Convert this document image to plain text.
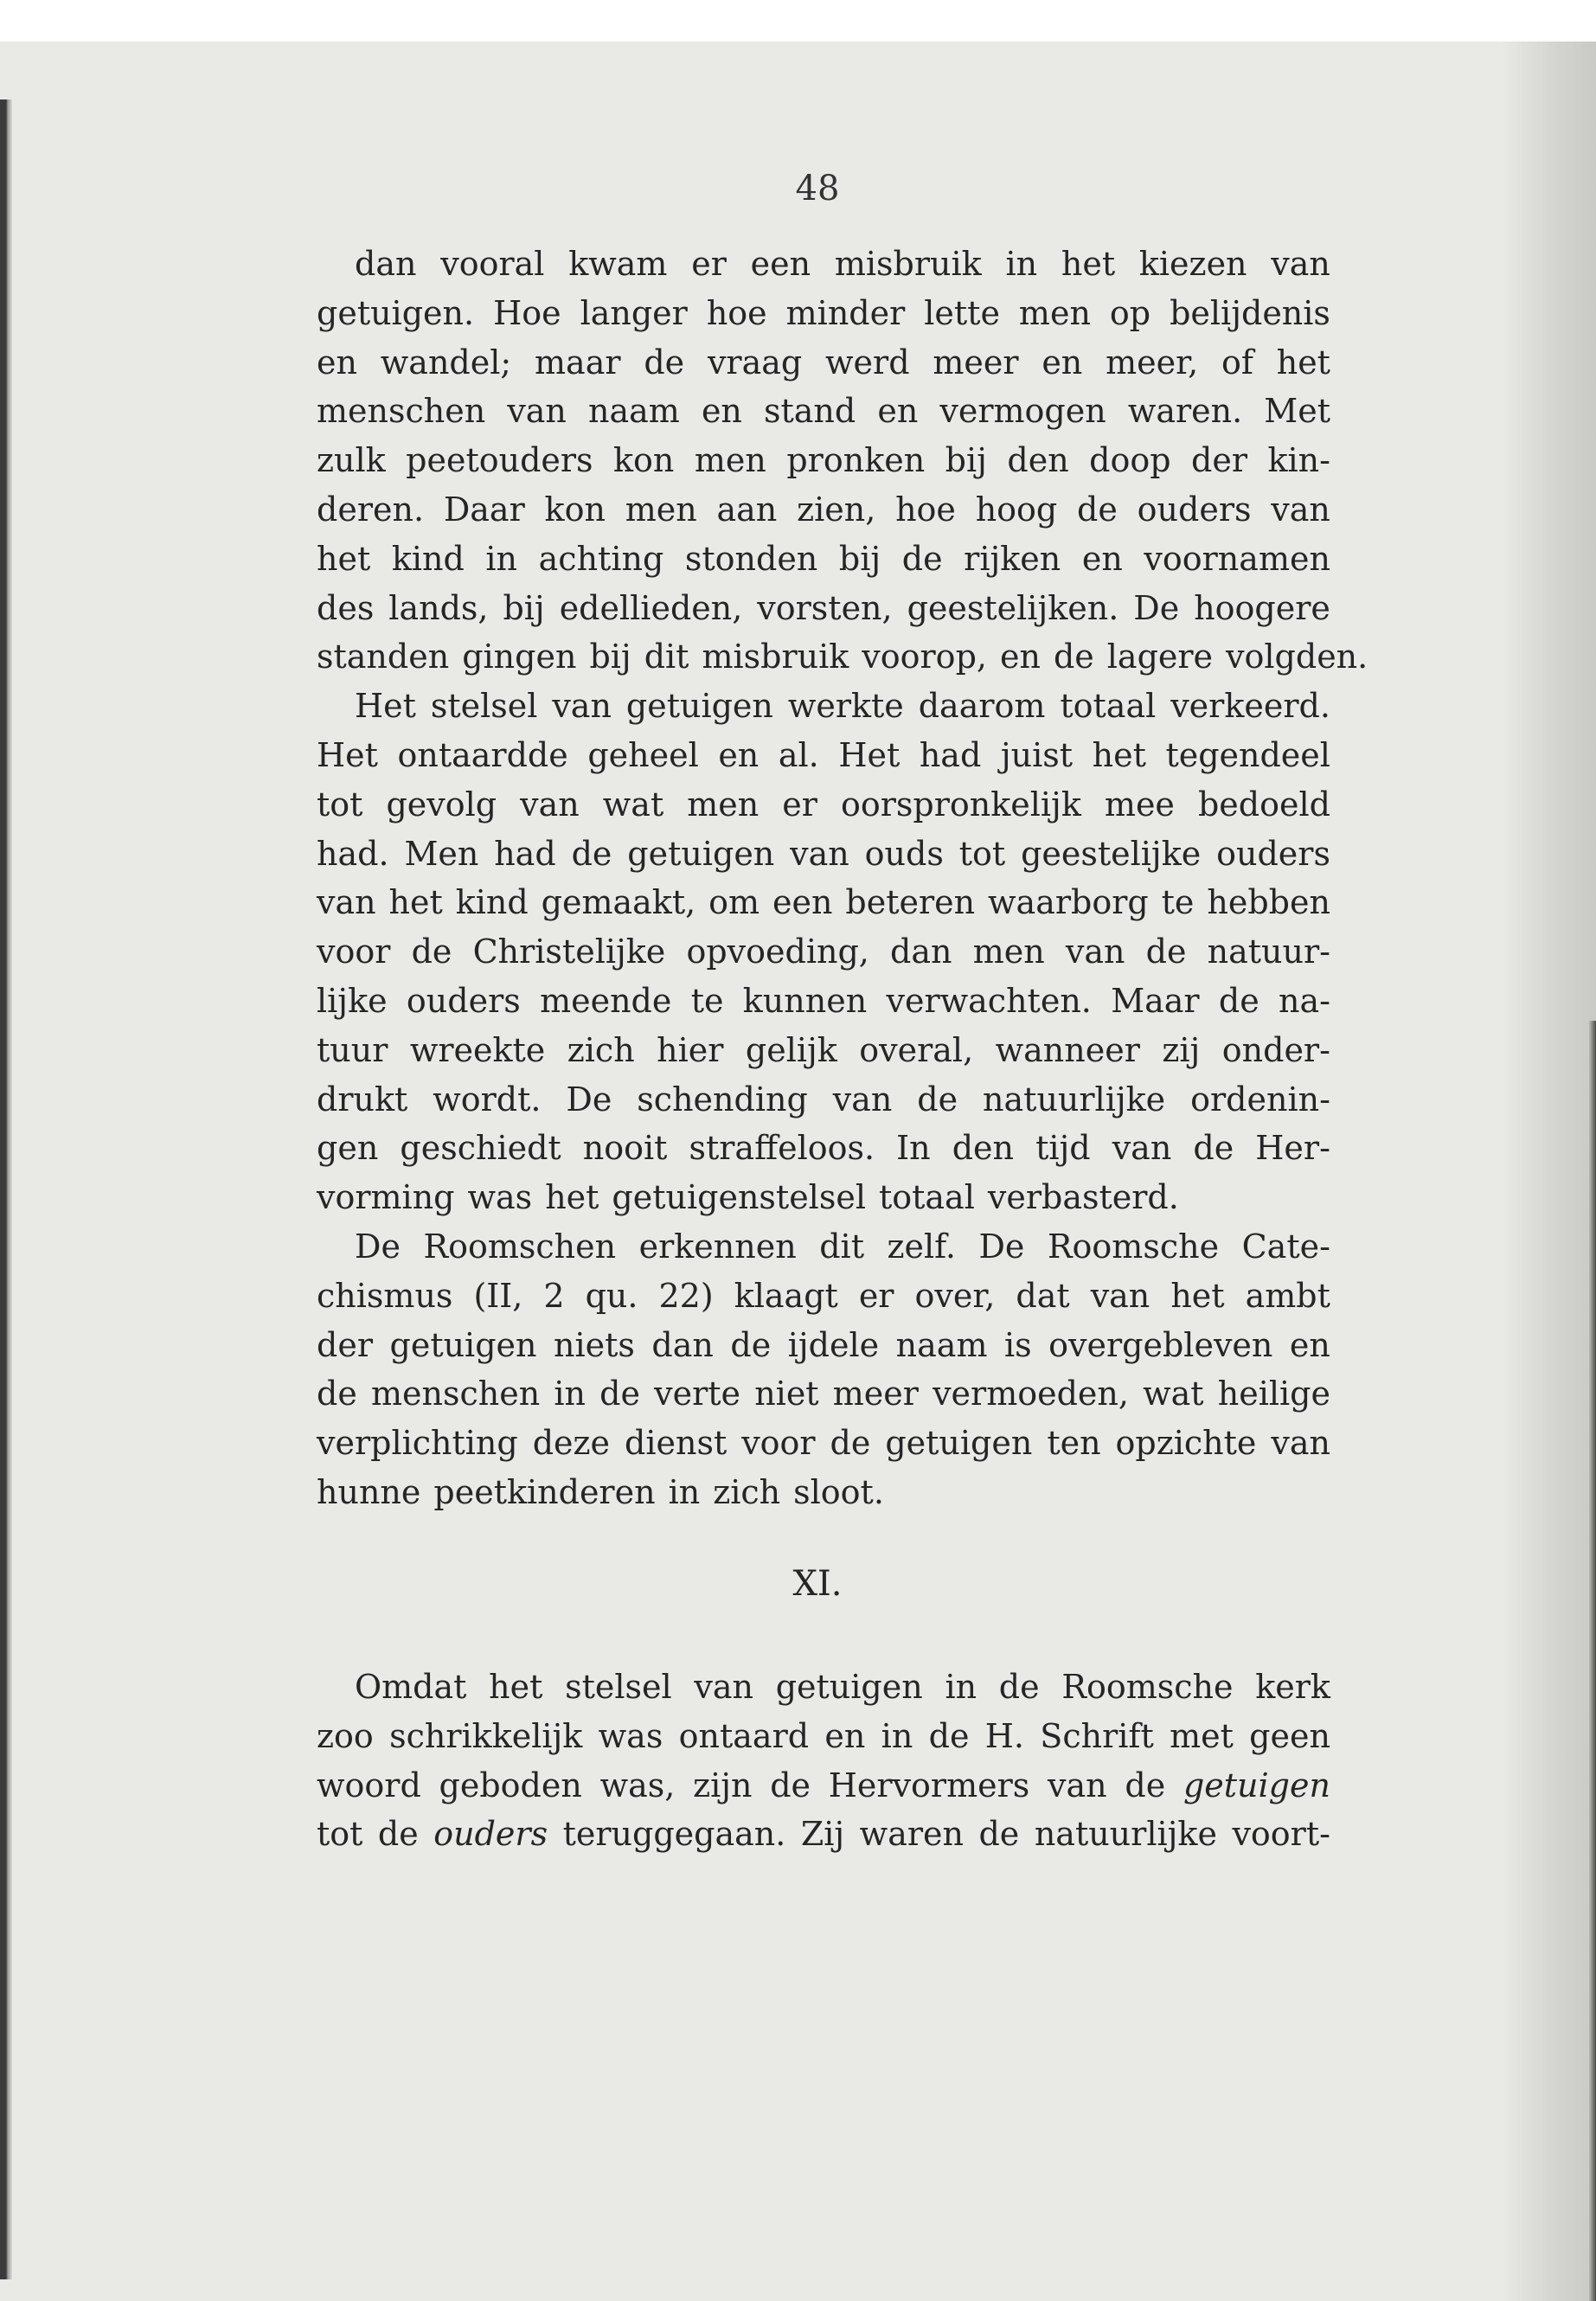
48
dan vooral kwam er een misbruik in het kiezen van
getuigen. Hoe langer hoe minder lette men op belijdenis
en wandel; maar de vraag werd meer en meer, of het
menschen van naam en stand en vermogen waren. Met
zulk peetouders kon men pronken bij den doop der kin-
deren. Daar kon men aan zien, hoe hoog de ouders van
het kind in achting stonden bij de rijken en voornamen
des lands, bij edellieden, vorsten, geestelijken. De hoogere
standen gingen bij dit misbruik voorop, en de lagere volgden.
Het stelsel van getuigen werkte daarom totaal verkeerd.
Het ontaardde geheel en al. Het had juist het tegendeel
tot gevolg van wat men er oorspronkelijk mee bedoeld
had. Men had de getuigen van ouds tot geestelijke ouders
van het kind gemaakt, om een beteren waarborg te hebben
voor de Christelijke opvoeding, dan men van de natuur-
lijke ouders meende te kunnen verwachten. Maar de na-
tuur wreekte zich hier gelijk overal, wanneer zij onder-
drukt wordt. De schending van de natuurlijke ordenin-
gen geschiedt nooit straffeloos. In den tijd van de Her-
vorming was het getuigenstelsel totaal verbasterd.
De Roomschen erkennen dit zelf. De Roomsche Cate-
chismus (II, 2 qu. 22) klaagt er over, dat van het ambt
der getuigen niets dan de ijdele naam is overgebleven en
de menschen in de verte niet meer vermoeden, wat heilige
verplichting deze dienst voor de getuigen ten opzichte van
hunne peetkinderen in zich sloot.
XI.
Omdat het stelsel van getuigen in de Roomsche kerk
zoo schrikkelijk was ontaard en in de H. Schrift met geen
woord geboden was, zijn de Hervormers van de getuigen
tot de ouders teruggegaan. Zij waren de natuurlijke voort-
